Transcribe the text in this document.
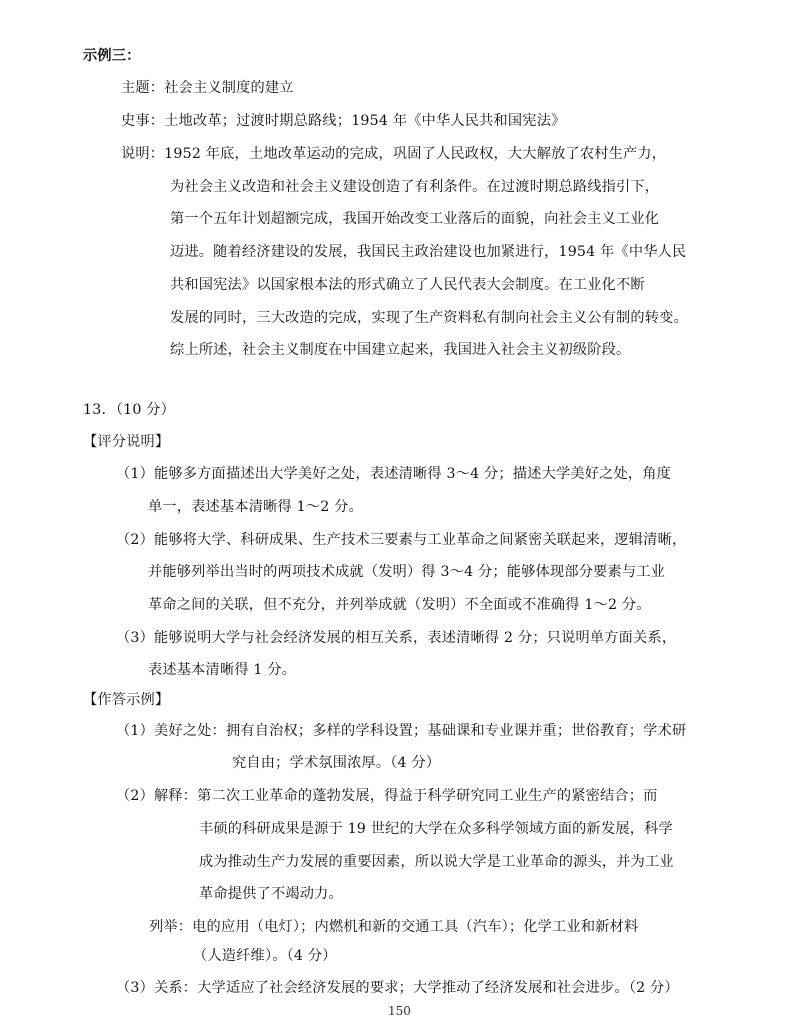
示例三：
主题：社会主义制度的建立
史事：土地改革；过渡时期总路线；1954 年《中华人民共和国宪法》
说明：1952 年底，土地改革运动的完成，巩固了人民政权，大大解放了农村生产力，
为社会主义改造和社会主义建设创造了有利条件。在过渡时期总路线指引下，
第一个五年计划超额完成，我国开始改变工业落后的面貌，向社会主义工业化
迈进。随着经济建设的发展，我国民主政治建设也加紧进行，1954 年《中华人民
共和国宪法》以国家根本法的形式确立了人民代表大会制度。在工业化不断
发展的同时，三大改造的完成，实现了生产资料私有制向社会主义公有制的转变。
综上所述，社会主义制度在中国建立起来，我国进入社会主义初级阶段。
13．（10 分）
【评分说明】
（1）能够多方面描述出大学美好之处，表述清晰得 3～4 分；描述大学美好之处，角度
单一，表述基本清晰得 1～2 分。
（2）能够将大学、科研成果、生产技术三要素与工业革命之间紧密关联起来，逻辑清晰，
并能够列举出当时的两项技术成就（发明）得 3～4 分；能够体现部分要素与工业
革命之间的关联，但不充分，并列举成就（发明）不全面或不准确得 1～2 分。
（3）能够说明大学与社会经济发展的相互关系，表述清晰得 2 分；只说明单方面关系，
表述基本清晰得 1 分。
【作答示例】
（1）美好之处：拥有自治权；多样的学科设置；基础课和专业课并重；世俗教育；学术研
究自由；学术氛围浓厚。（4 分）
（2）解释：第二次工业革命的蓬勃发展，得益于科学研究同工业生产的紧密结合；而
丰硕的科研成果是源于 19 世纪的大学在众多科学领域方面的新发展，科学
成为推动生产力发展的重要因素，所以说大学是工业革命的源头，并为工业
革命提供了不竭动力。
列举：电的应用（电灯）；内燃机和新的交通工具（汽车）；化学工业和新材料
（人造纤维）。（4 分）
（3）关系：大学适应了社会经济发展的要求；大学推动了经济发展和社会进步。（2 分）
150
